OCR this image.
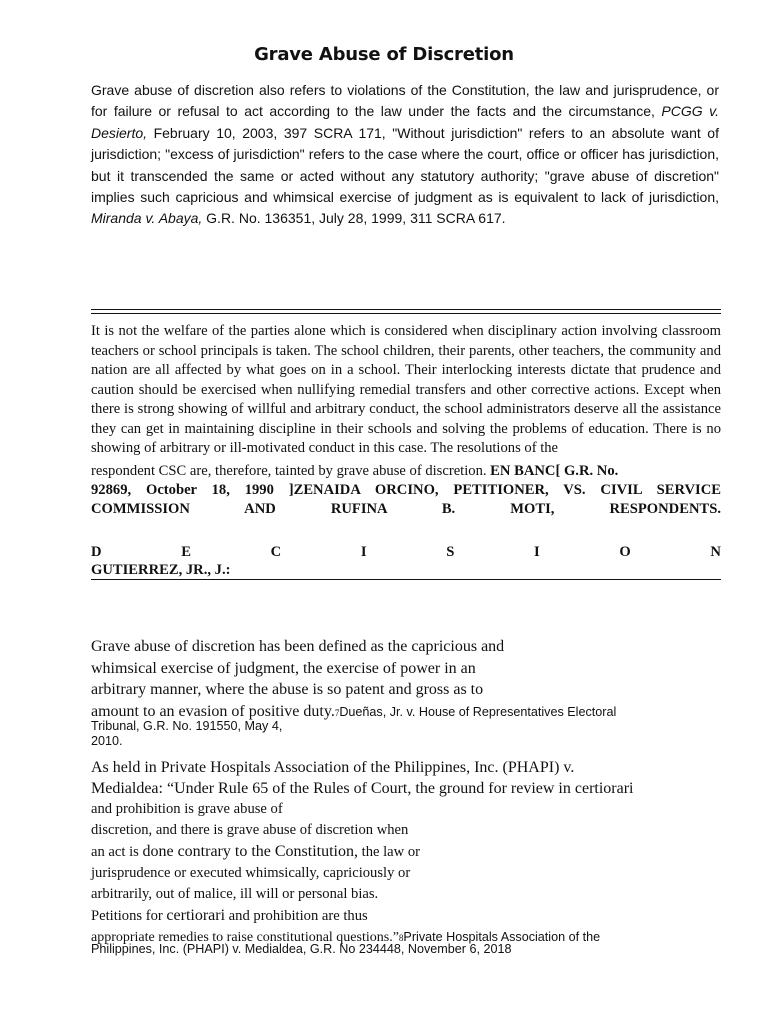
Grave Abuse of Discretion
Grave abuse of discretion also refers to violations of the Constitution, the law and jurisprudence, or for failure or refusal to act according to the law under the facts and the circumstance, PCGG v. Desierto, February 10, 2003, 397 SCRA 171, "Without jurisdiction" refers to an absolute want of jurisdiction; "excess of jurisdiction" refers to the case where the court, office or officer has jurisdiction, but it transcended the same or acted without any statutory authority; "grave abuse of discretion" implies such capricious and whimsical exercise of judgment as is equivalent to lack of jurisdiction, Miranda v. Abaya, G.R. No. 136351, July 28, 1999, 311 SCRA 617.
It is not the welfare of the parties alone which is considered when disciplinary action involving classroom teachers or school principals is taken. The school children, their parents, other teachers, the community and nation are all affected by what goes on in a school. Their interlocking interests dictate that prudence and caution should be exercised when nullifying remedial transfers and other corrective actions. Except when there is strong showing of willful and arbitrary conduct, the school administrators deserve all the assistance they can get in maintaining discipline in their schools and solving the problems of education. There is no showing of arbitrary or ill-motivated conduct in this case. The resolutions of the
respondent CSC are, therefore, tainted by grave abuse of discretion. EN BANC[ G.R. No.
92869, October 18, 1990 ]ZENAIDA ORCINO, PETITIONER, VS. CIVIL SERVICE
COMMISSION AND RUFINA B. MOTI, RESPONDENTS.
D	E	C	I	S	I	O	N
GUTIERREZ, JR., J.:
Grave abuse of discretion has been defined as the capricious and
whimsical exercise of judgment, the exercise of power in an
arbitrary manner, where the abuse is so patent and gross as to
amount to an evasion of positive duty.7Dueñas, Jr. v. House of Representatives Electoral
Tribunal, G.R. No. 191550, May 4,
2010.
As held in Private Hospitals Association of the Philippines, Inc. (PHAPI) v.
Medialdea: “Under Rule 65 of the Rules of Court, the ground for review in certiorari
and prohibition is grave abuse of
discretion, and there is grave abuse of discretion when
an act is done contrary to the Constitution, the law or
jurisprudence or executed whimsically, capriciously or
arbitrarily, out of malice, ill will or personal bias.
Petitions for certiorari and prohibition are thus
appropriate remedies to raise constitutional questions.”8Private Hospitals Association of the
Philippines, Inc. (PHAPI) v. Medialdea, G.R. No 234448, November 6, 2018
